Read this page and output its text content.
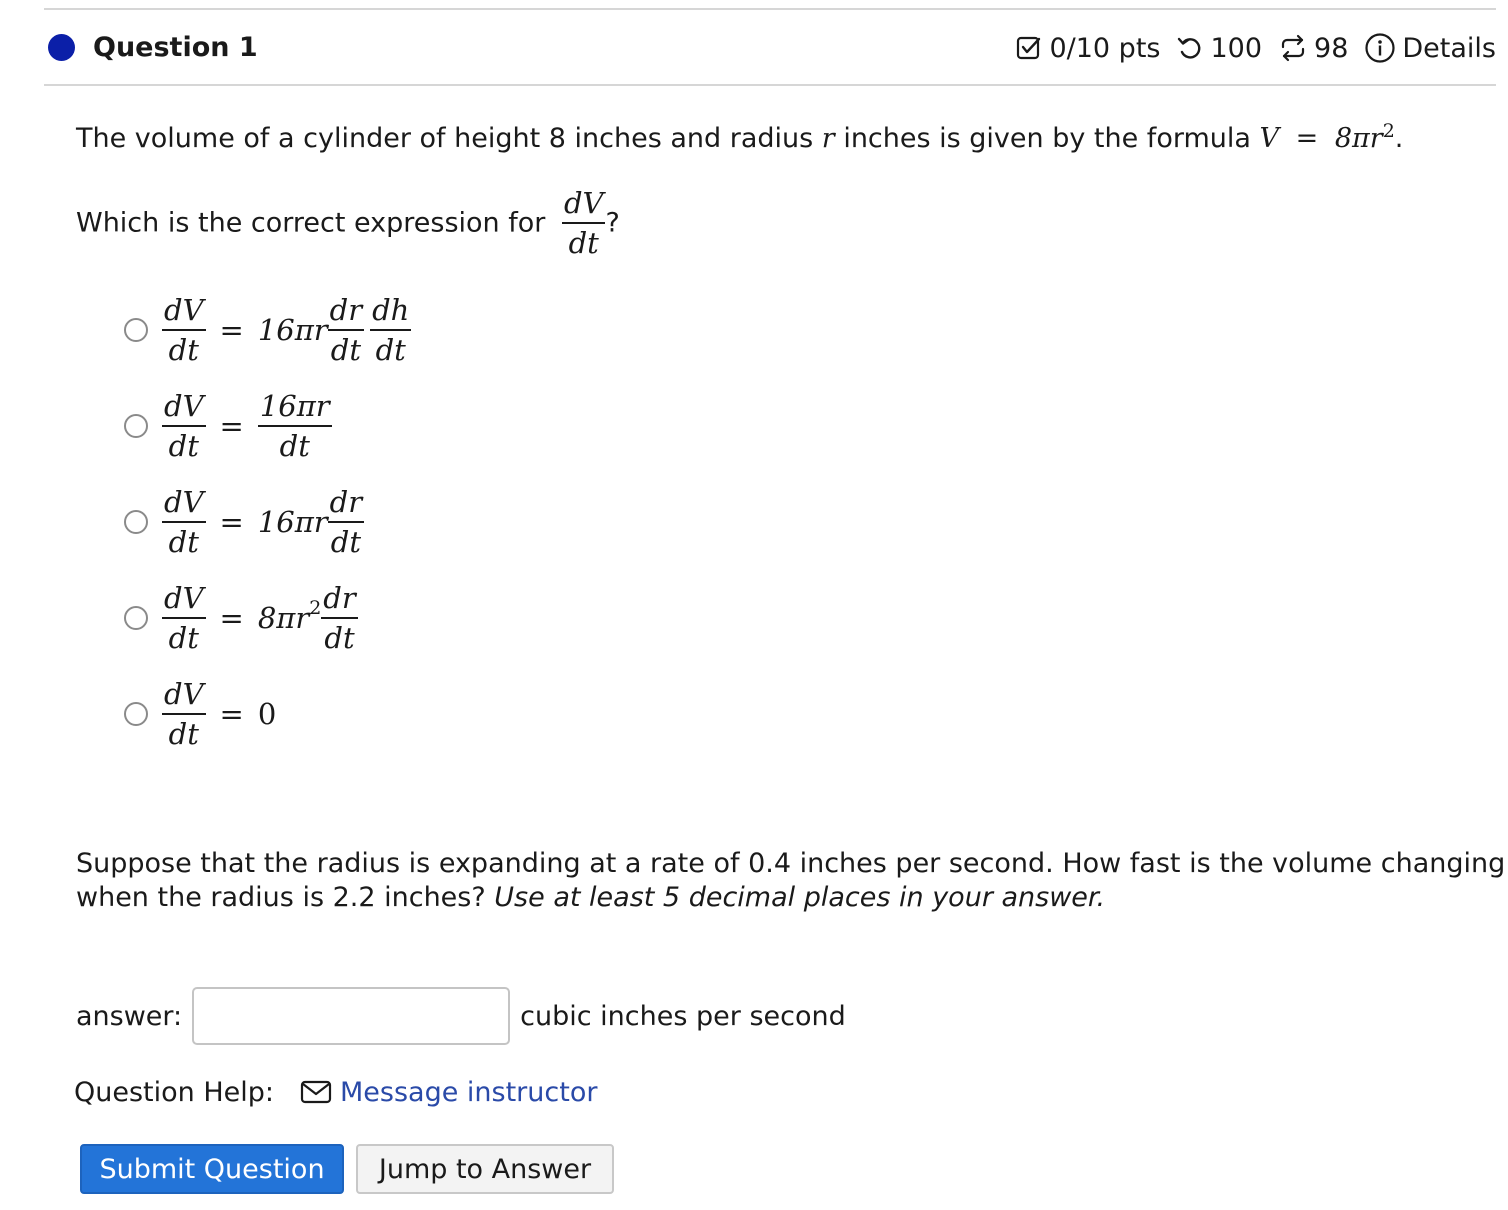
Question 1	0/10 pts 100 98 Details
The volume of a cylinder of height 8 inches and radius r inches is given by the formula $V = 8\pi r^2$.
Which is the correct expression for $\frac{dV}{dt}$ ?
$\frac{dV}{dt} = 16\pi r \frac{dr}{dt} \frac{dh}{dt}$
$\frac{dV}{dt} = \frac{16\pi r}{dt}$
$\frac{dV}{dt} = 16\pi r \frac{dr}{dt}$
$\frac{dV}{dt} = 8\pi r^2 \frac{dr}{dt}$
$\frac{dV}{dt} = 0$
Suppose that the radius is expanding at a rate of 0.4 inches per second. How fast is the volume changing
when the radius is 2.2 inches? Use at least 5 decimal places in your answer.
answer:	cubic inches per second
Question Help: Message instructor
Submit Question	Jump to Answer
